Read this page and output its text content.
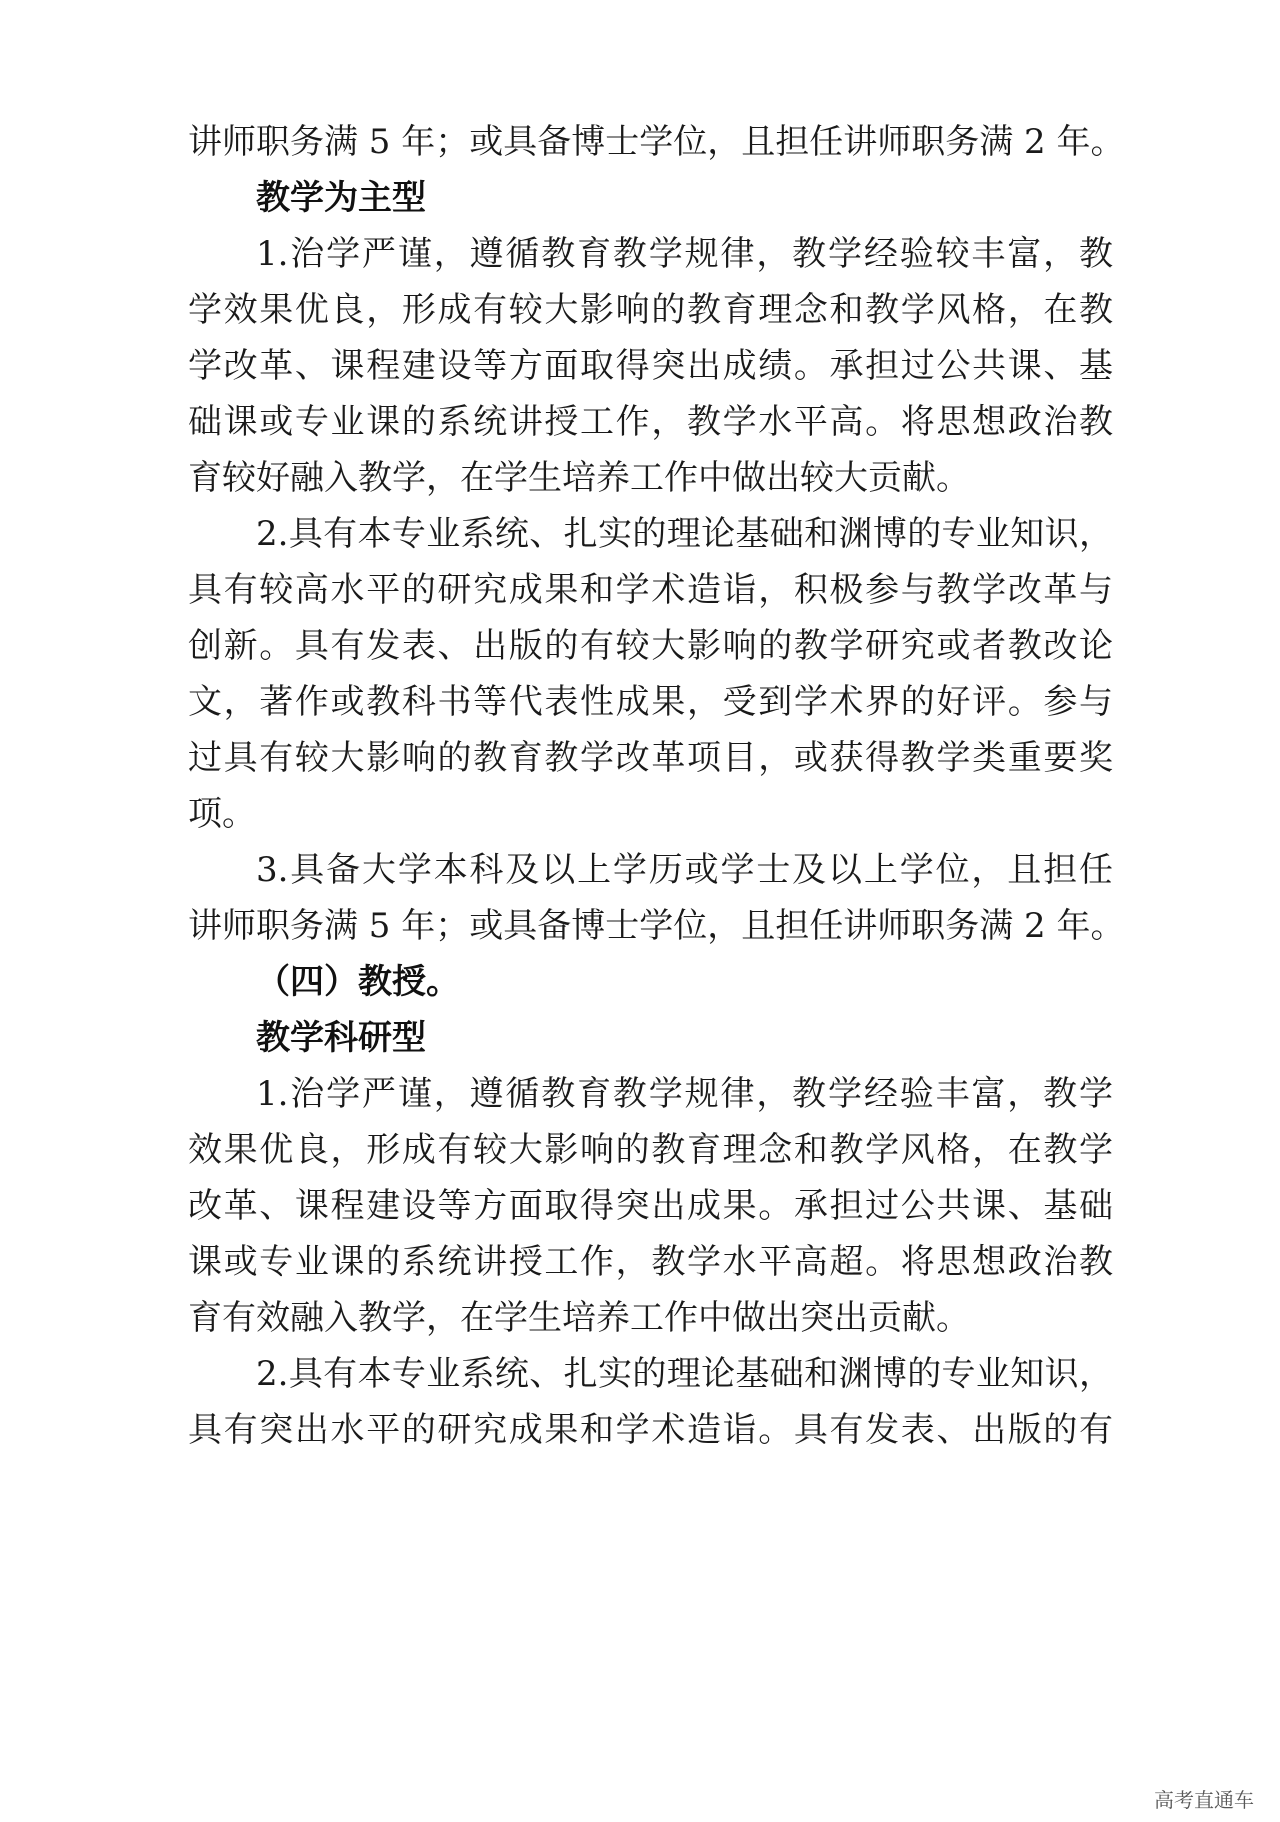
讲师职务满 5 年；或具备博士学位，且担任讲师职务满 2 年。
教学为主型
1.治学严谨，遵循教育教学规律，教学经验较丰富，教
学效果优良，形成有较大影响的教育理念和教学风格，在教
学改革、课程建设等方面取得突出成绩。承担过公共课、基
础课或专业课的系统讲授工作，教学水平高。将思想政治教
育较好融入教学，在学生培养工作中做出较大贡献。
2.具有本专业系统、扎实的理论基础和渊博的专业知识，
具有较高水平的研究成果和学术造诣，积极参与教学改革与
创新。具有发表、出版的有较大影响的教学研究或者教改论
文，著作或教科书等代表性成果，受到学术界的好评。参与
过具有较大影响的教育教学改革项目，或获得教学类重要奖
项。
3.具备大学本科及以上学历或学士及以上学位，且担任
讲师职务满 5 年；或具备博士学位，且担任讲师职务满 2 年。
（四）教授。
教学科研型
1.治学严谨，遵循教育教学规律，教学经验丰富，教学
效果优良，形成有较大影响的教育理念和教学风格，在教学
改革、课程建设等方面取得突出成果。承担过公共课、基础
课或专业课的系统讲授工作，教学水平高超。将思想政治教
育有效融入教学，在学生培养工作中做出突出贡献。
2.具有本专业系统、扎实的理论基础和渊博的专业知识，
具有突出水平的研究成果和学术造诣。具有发表、出版的有
高考直通车
